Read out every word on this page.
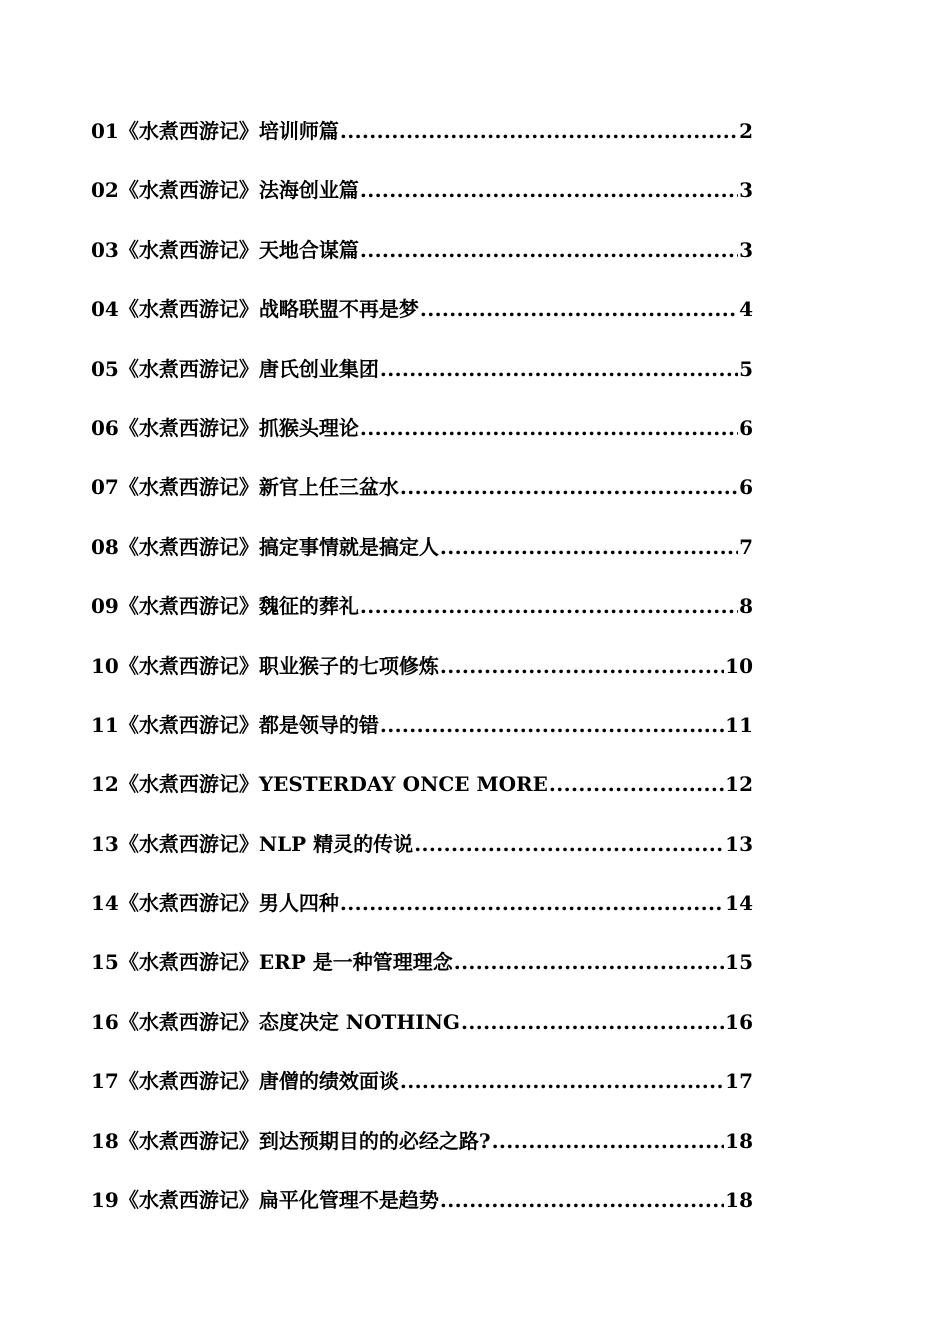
01《水煮西游记》培训师篇 .....	2
02《水煮西游记》法海创业篇 .....	3
03《水煮西游记》天地合谋篇 .....	3
04《水煮西游记》战略联盟不再是梦 .....	4
05《水煮西游记》唐氏创业集团 .....	5
06《水煮西游记》抓猴头理论 .....	6
07《水煮西游记》新官上任三盆水 .....	6
08《水煮西游记》搞定事情就是搞定人 .....	7
09《水煮西游记》魏征的葬礼 .....	8
10《水煮西游记》职业猴子的七项修炼 .....	10
11《水煮西游记》都是领导的错 .....	11
12《水煮西游记》YESTERDAY ONCE MORE .....	12
13《水煮西游记》NLP 精灵的传说 .....	13
14《水煮西游记》男人四种 .....	14
15《水煮西游记》ERP 是一种管理理念 .....	15
16《水煮西游记》态度决定 NOTHING .....	16
17《水煮西游记》唐僧的绩效面谈 .....	17
18《水煮西游记》到达预期目的的必经之路? .....	18
19《水煮西游记》扁平化管理不是趋势 .....	18
